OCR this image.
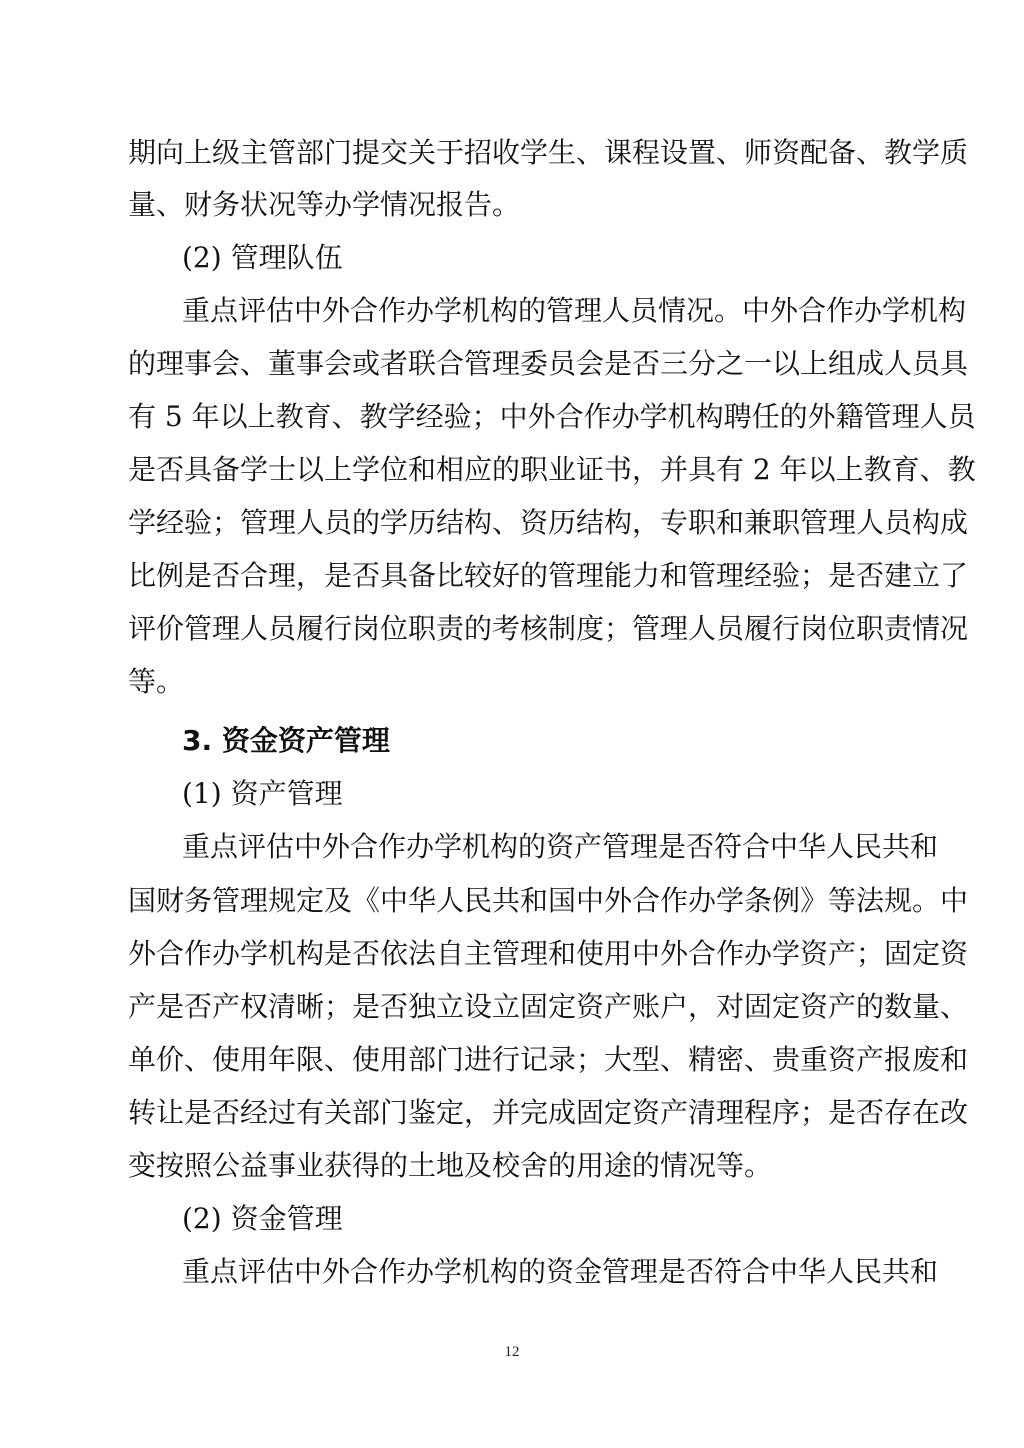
期向上级主管部门提交关于招收学生、课程设置、师资配备、教学质
量、财务状况等办学情况报告。
(2) 管理队伍
重点评估中外合作办学机构的管理人员情况。中外合作办学机构
的理事会、董事会或者联合管理委员会是否三分之一以上组成人员具
有 5 年以上教育、教学经验；中外合作办学机构聘任的外籍管理人员
是否具备学士以上学位和相应的职业证书，并具有 2 年以上教育、教
学经验；管理人员的学历结构、资历结构，专职和兼职管理人员构成
比例是否合理，是否具备比较好的管理能力和管理经验；是否建立了
评价管理人员履行岗位职责的考核制度；管理人员履行岗位职责情况
等。
3. 资金资产管理
(1) 资产管理
重点评估中外合作办学机构的资产管理是否符合中华人民共和
国财务管理规定及《中华人民共和国中外合作办学条例》等法规。中
外合作办学机构是否依法自主管理和使用中外合作办学资产；固定资
产是否产权清晰；是否独立设立固定资产账户，对固定资产的数量、
单价、使用年限、使用部门进行记录；大型、精密、贵重资产报废和
转让是否经过有关部门鉴定，并完成固定资产清理程序；是否存在改
变按照公益事业获得的土地及校舍的用途的情况等。
(2) 资金管理
重点评估中外合作办学机构的资金管理是否符合中华人民共和
12
